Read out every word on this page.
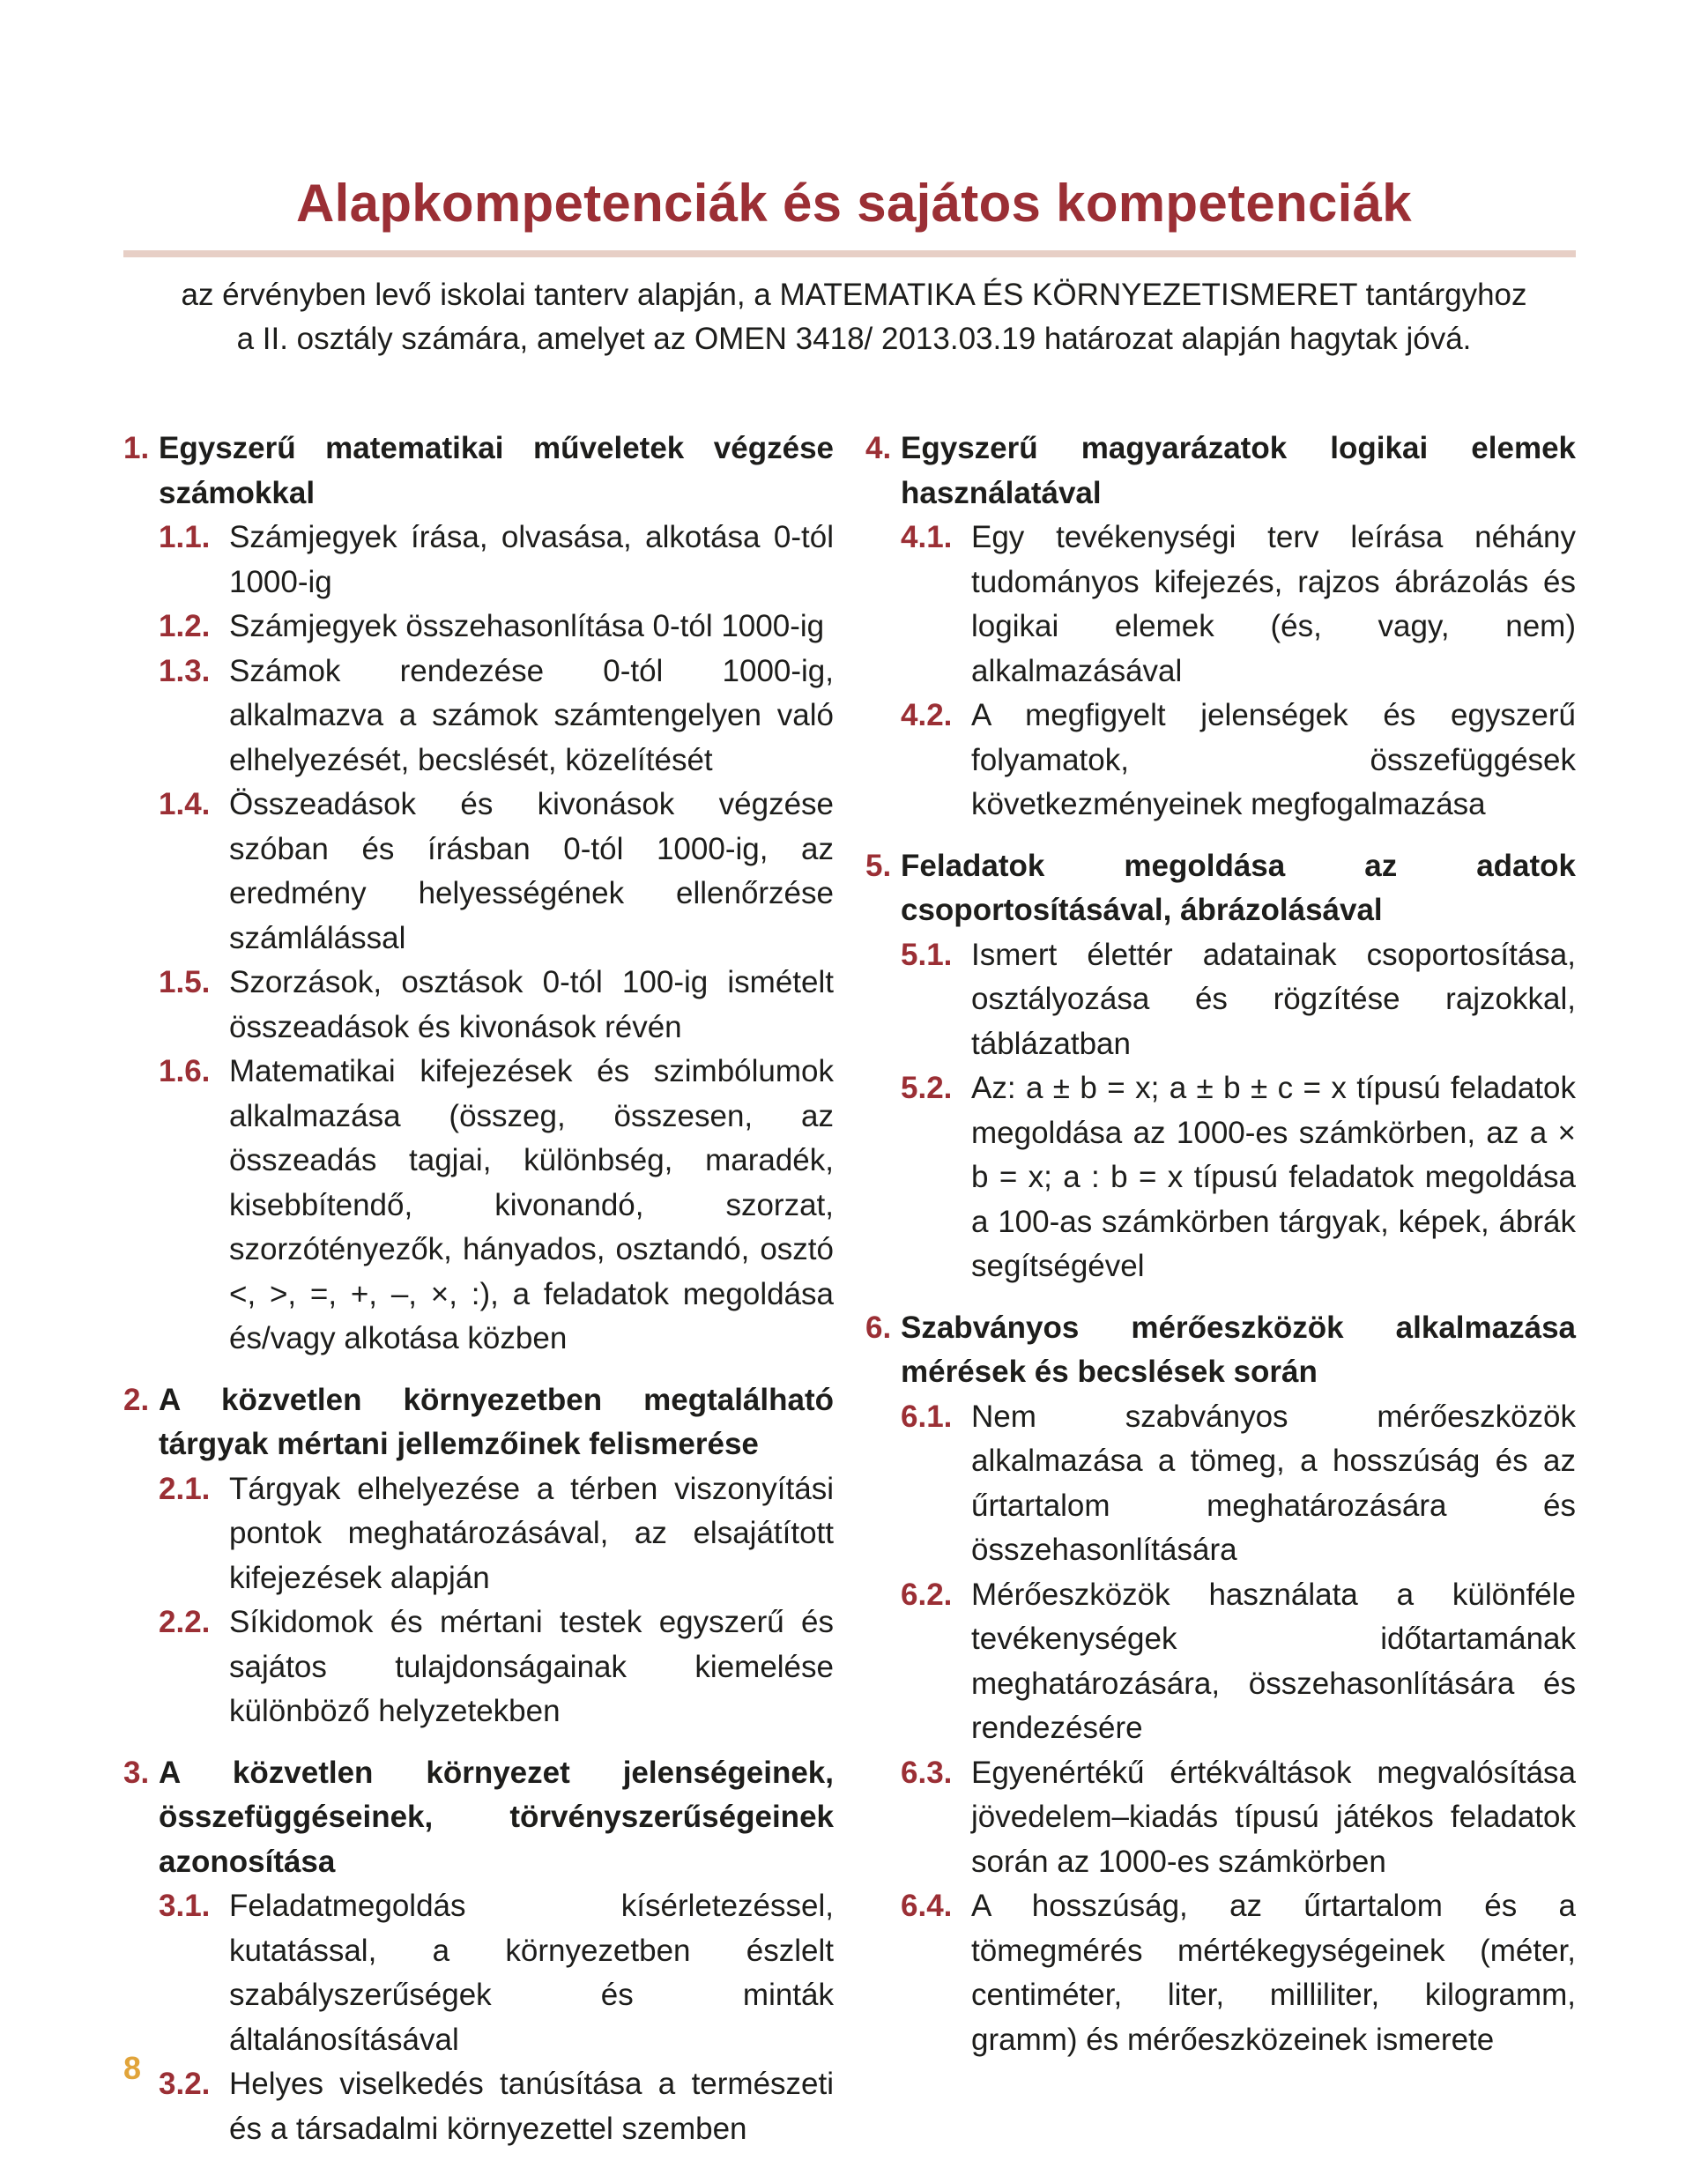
Alapkompetenciák és sajátos kompetenciák
az érvényben levő iskolai tanterv alapján, a MATEMATIKA ÉS KÖRNYEZETISMERET tantárgyhoz
a II. osztály számára, amelyet az OMEN 3418/ 2013.03.19 határozat alapján hagytak jóvá.
1. Egyszerű matematikai műveletek végzése számokkal
1.1. Számjegyek írása, olvasása, alkotása 0-tól 1000-ig
1.2. Számjegyek összehasonlítása 0-tól 1000-ig
1.3. Számok rendezése 0-tól 1000-ig, alkalmazva a számok számtengelyen való elhelyezését, becslését, közelítését
1.4. Összeadások és kivonások végzése szóban és írásban 0-tól 1000-ig, az eredmény helyességének ellenőrzése számlálással
1.5. Szorzások, osztások 0-tól 100-ig ismételt összeadások és kivonások révén
1.6. Matematikai kifejezések és szimbólumok alkalmazása (összeg, összesen, az összeadás tagjai, különbség, maradék, kisebbítendő, kivonandó, szorzat, szorzótényezők, hányados, osztandó, osztó <, >, =, +, –, ×, :), a feladatok megoldása és/vagy alkotása közben
2. A közvetlen környezetben megtalálható tárgyak mértani jellemzőinek felismerése
2.1. Tárgyak elhelyezése a térben viszonyítási pontok meghatározásával, az elsajátított kifejezések alapján
2.2. Síkidomok és mértani testek egyszerű és sajátos tulajdonságainak kiemelése különböző helyzetekben
3. A közvetlen környezet jelenségeinek, összefüggéseinek, törvényszerűségeinek azonosítása
3.1. Feladatmegoldás kísérletezéssel, kutatással, a környezetben észlelt szabályszerűségek és minták általánosításával
3.2. Helyes viselkedés tanúsítása a természeti és a társadalmi környezettel szemben
4. Egyszerű magyarázatok logikai elemek használatával
4.1. Egy tevékenységi terv leírása néhány tudományos kifejezés, rajzos ábrázolás és logikai elemek (és, vagy, nem) alkalmazásával
4.2. A megfigyelt jelenségek és egyszerű folyamatok, összefüggések következményeinek megfogalmazása
5. Feladatok megoldása az adatok csoportosításával, ábrázolásával
5.1. Ismert élettér adatainak csoportosítása, osztályozása és rögzítése rajzokkal, táblázatban
5.2. Az: a ± b = x; a ± b ± c = x típusú feladatok megoldása az 1000-es számkörben, az a × b = x; a : b = x típusú feladatok megoldása a 100-as számkörben tárgyak, képek, ábrák segítségével
6. Szabványos mérőeszközök alkalmazása mérések és becslések során
6.1. Nem szabványos mérőeszközök alkalmazása a tömeg, a hosszúság és az űrtartalom meghatározására és összehasonlítására
6.2. Mérőeszközök használata a különféle tevékenységek időtartamának meghatározására, összehasonlítására és rendezésére
6.3. Egyenértékű értékváltások megvalósítása jövedelem–kiadás típusú játékos feladatok során az 1000-es számkörben
6.4. A hosszúság, az űrtartalom és a tömegmérés mértékegységeinek (méter, centiméter, liter, milliliter, kilogramm, gramm) és mérőeszközeinek ismerete
8
